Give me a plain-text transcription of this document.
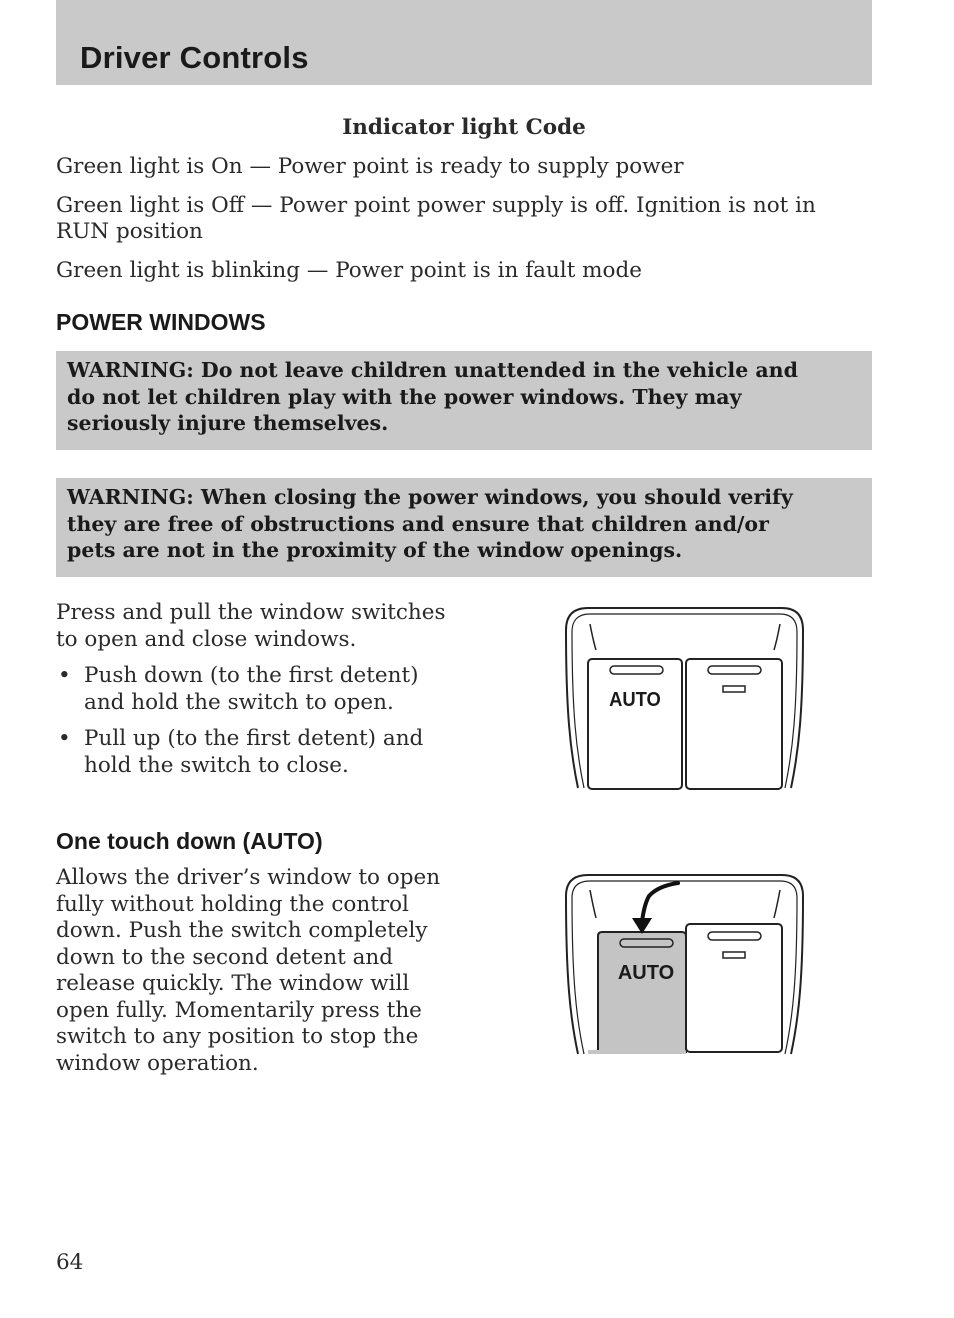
Driver Controls
Indicator light Code
Green light is On — Power point is ready to supply power
Green light is Off — Power point power supply is off. Ignition is not in
RUN position
Green light is blinking — Power point is in fault mode
POWER WINDOWS
WARNING: Do not leave children unattended in the vehicle and
do not let children play with the power windows. They may
seriously injure themselves.
WARNING: When closing the power windows, you should verify
they are free of obstructions and ensure that children and/or
pets are not in the proximity of the window openings.
Press and pull the window switches
to open and close windows.
• Push down (to the first detent)
and hold the switch to open.
• Pull up (to the first detent) and
hold the switch to close.
AUTO
One touch down (AUTO)
Allows the driver’s window to open
fully without holding the control
down. Push the switch completely
down to the second detent and
release quickly. The window will
open fully. Momentarily press the
switch to any position to stop the
window operation.
AUTO
64
